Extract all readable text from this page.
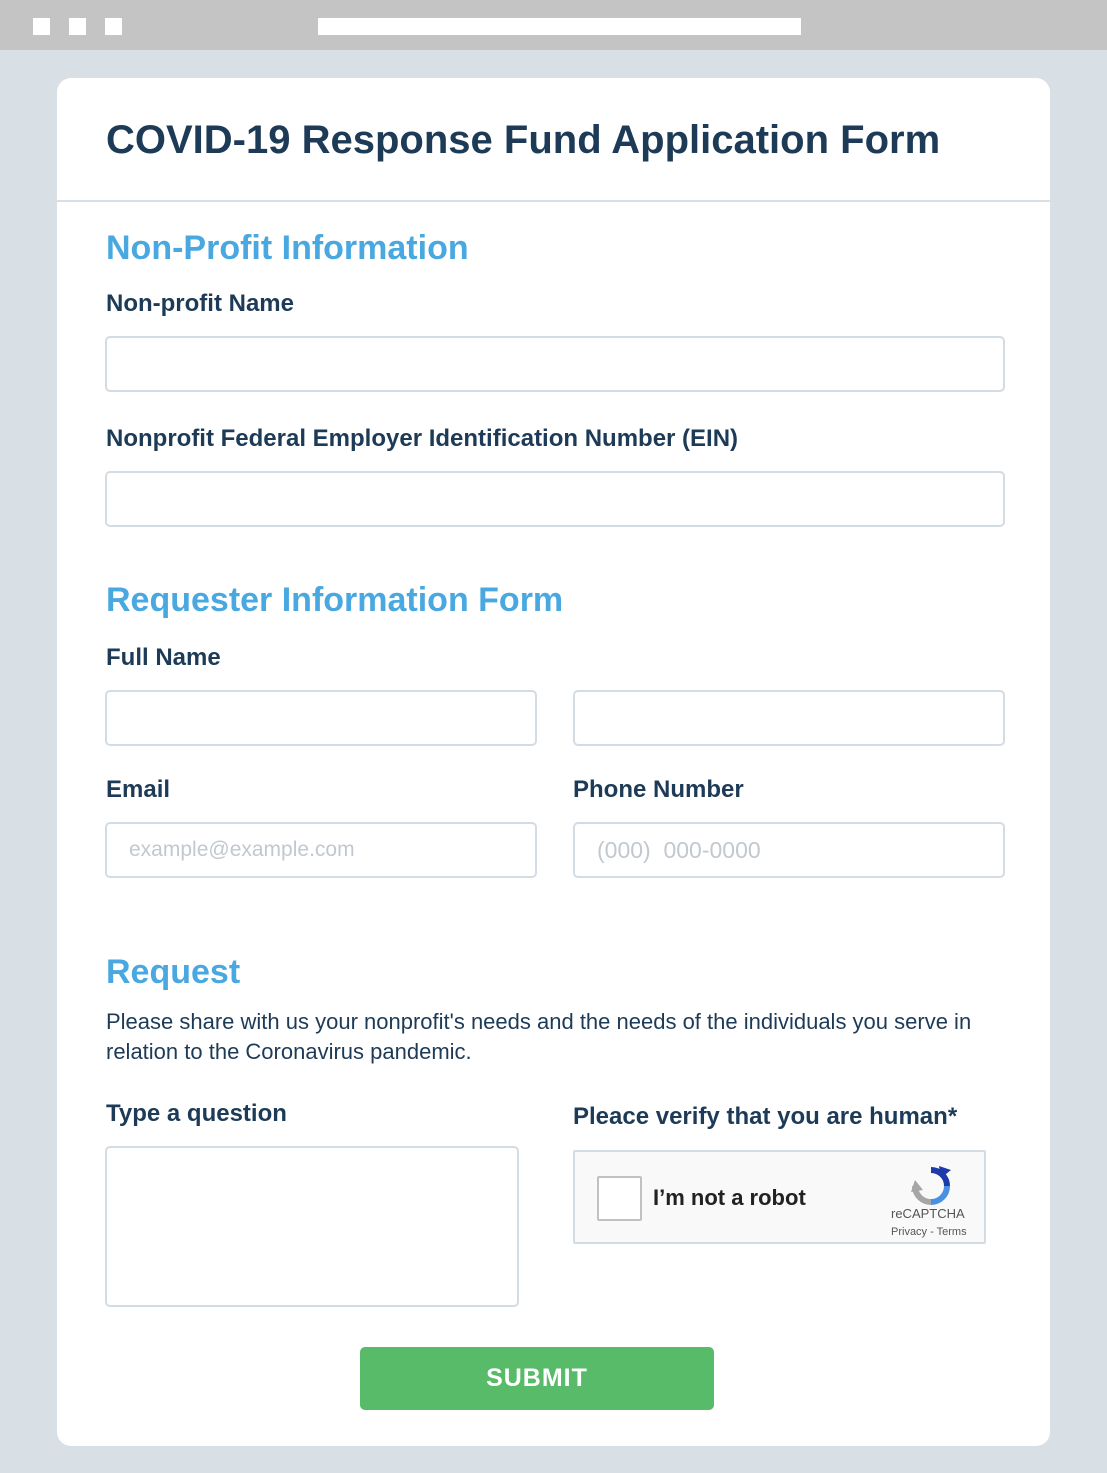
COVID-19 Response Fund Application Form
Non-Profit Information
Non-profit Name
Nonprofit Federal Employer Identification Number (EIN)
Requester Information Form
Full Name
Email
example@example.com	Phone Number
(000) 000-0000
Request
Please share with us your nonprofit's needs and the needs of the individuals you serve in relation to the Coronavirus pandemic.
Type a question	Pleace verify that you are human*
I’m not a robot
reCAPTCHA
Privacy - Terms
SUBMIT
